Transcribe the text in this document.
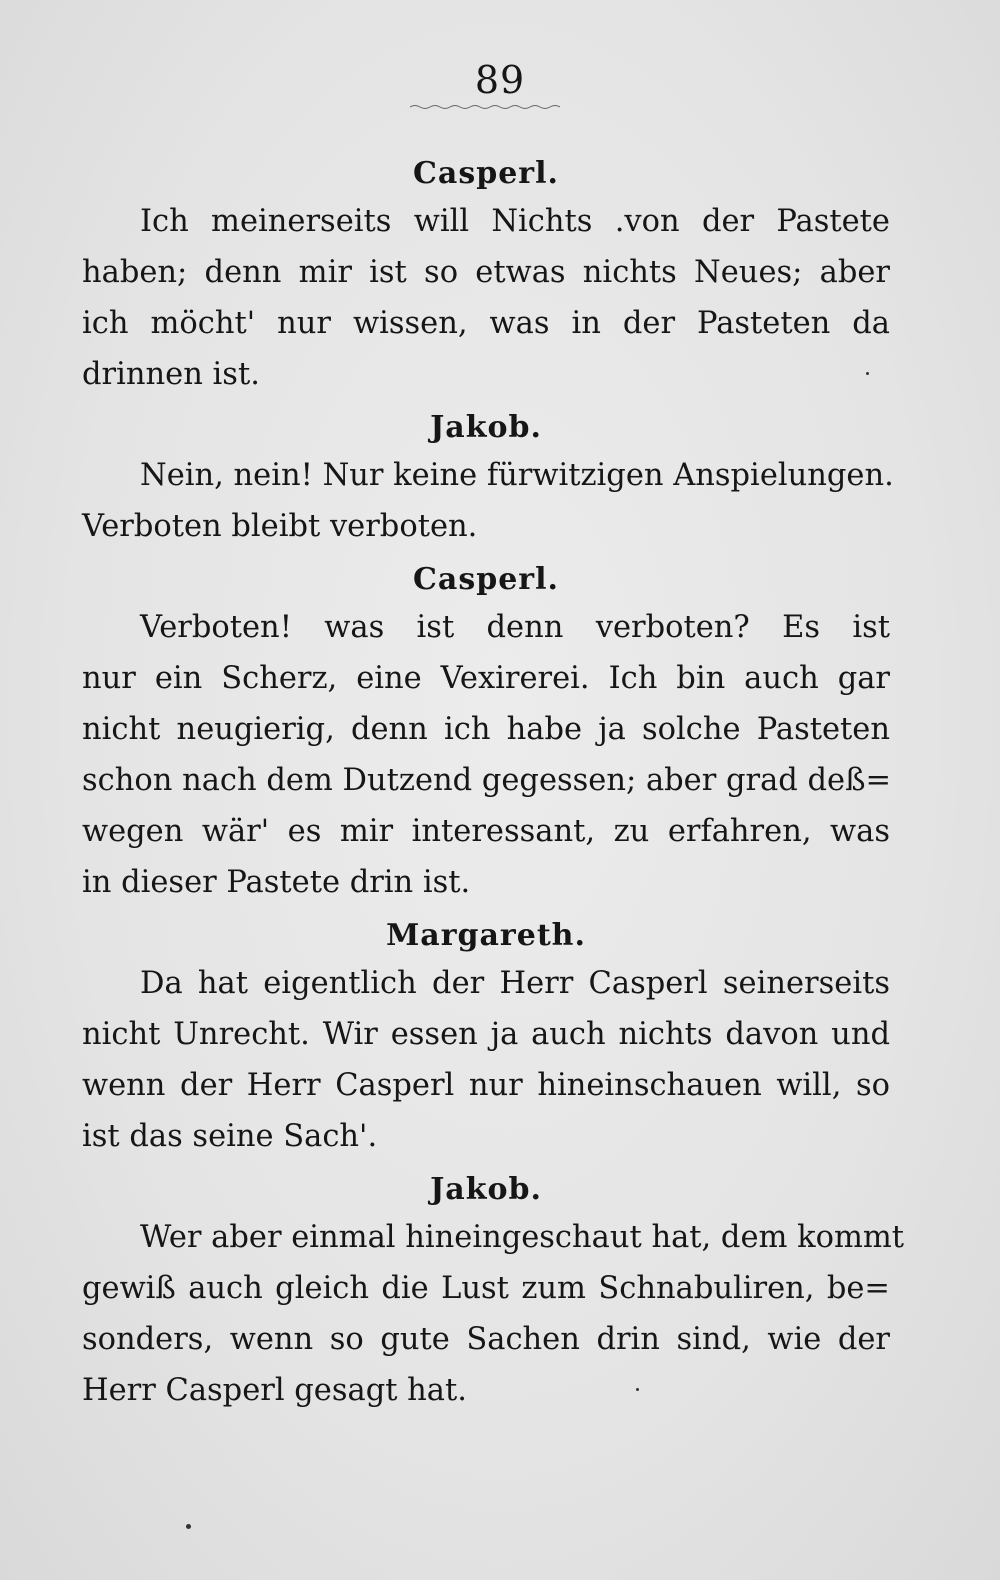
89

Casperl.

Ich meinerseits will Nichts .von der Pastete
haben; denn mir ist so etwas nichts Neues; aber
ich möcht' nur wissen, was in der Pasteten da
drinnen ist.

Jakob.

Nein, nein! Nur keine fürwitzigen Anspielungen.
Verboten bleibt verboten.

Casperl.

Verboten! was ist denn verboten? Es ist
nur ein Scherz, eine Vexirerei. Ich bin auch gar
nicht neugierig, denn ich habe ja solche Pasteten
schon nach dem Dutzend gegessen; aber grad deß=
wegen wär' es mir interessant, zu erfahren, was
in dieser Pastete drin ist.

Margareth.

Da hat eigentlich der Herr Casperl seinerseits
nicht Unrecht. Wir essen ja auch nichts davon und
wenn der Herr Casperl nur hineinschauen will, so
ist das seine Sach'.

Jakob.

Wer aber einmal hineingeschaut hat, dem kommt
gewiß auch gleich die Lust zum Schnabuliren, be=
sonders, wenn so gute Sachen drin sind, wie der
Herr Casperl gesagt hat.
